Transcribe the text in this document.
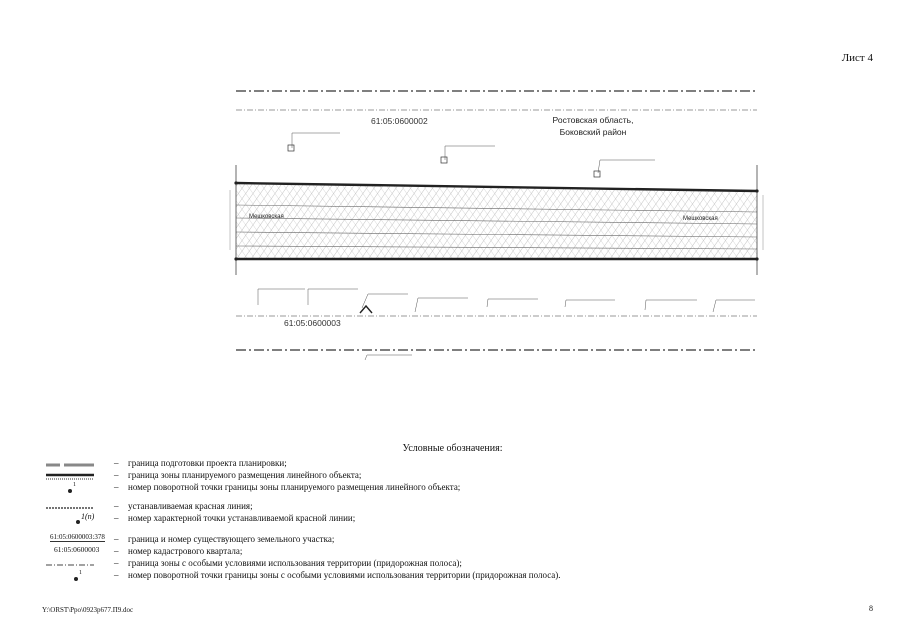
Лист 4
61:05:0600002
61:05:0600003
Ростовская область,
Боковский район
Мешковская	Мешковская
Условные обозначения:
– граница подготовки проекта планировки;
– граница зоны планируемого размещения линейного объекта;
1	– номер поворотной точки границы зоны планируемого размещения линейного объекта;
– устанавливаемая красная линия;
1(n) – номер характерной точки устанавливаемой красной линии;
61:05:0600003:378 – граница и номер существующего земельного участка;
61:05:0600003 – номер кадастрового квартала;
– граница зоны с особыми условиями использования территории (придорожная полоса);
1	– номер поворотной точки границы зоны с особыми условиями использования территории (придорожная полоса).
Y:\ORST\Ppo\0923p677.П9.doc	8
